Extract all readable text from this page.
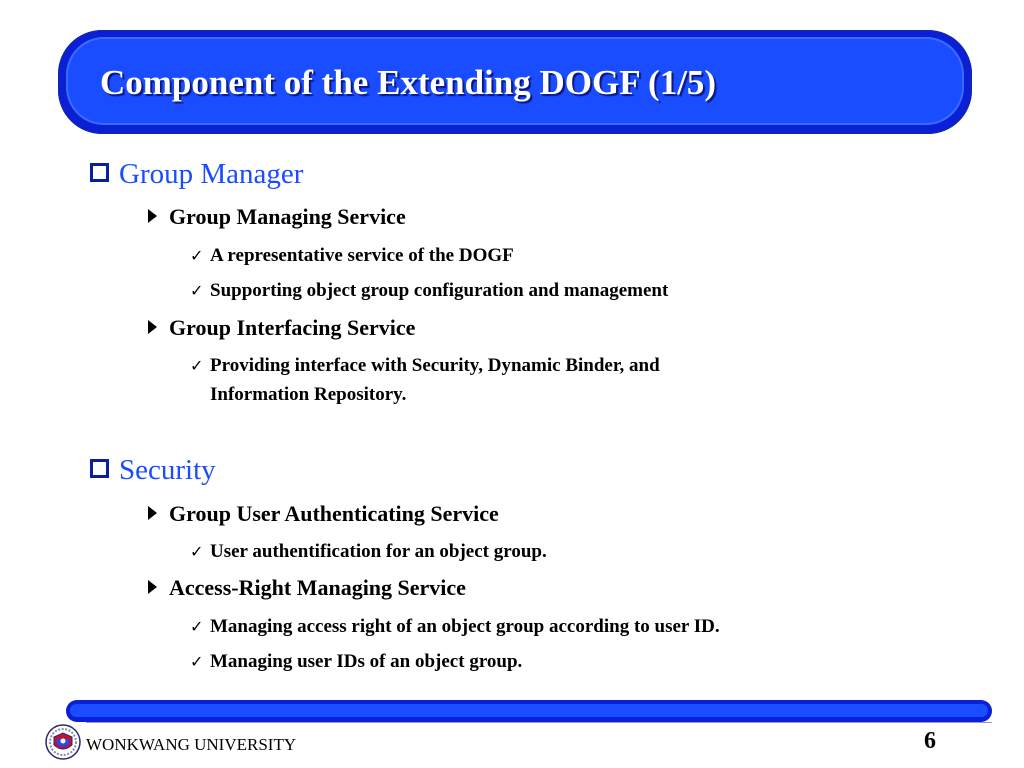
Component of the Extending DOGF (1/5)
Group Manager
Group Managing Service
✓ A representative service of the DOGF
✓ Supporting object group configuration and management
Group Interfacing Service
✓ Providing interface with Security, Dynamic Binder, and
Information Repository.
Security
Group User Authenticating Service
✓ User authentification for an object group.
Access-Right Managing Service
✓ Managing access right of an object group according to user ID.
✓ Managing user IDs of an object group.
WONKWANG UNIVERSITY	6
